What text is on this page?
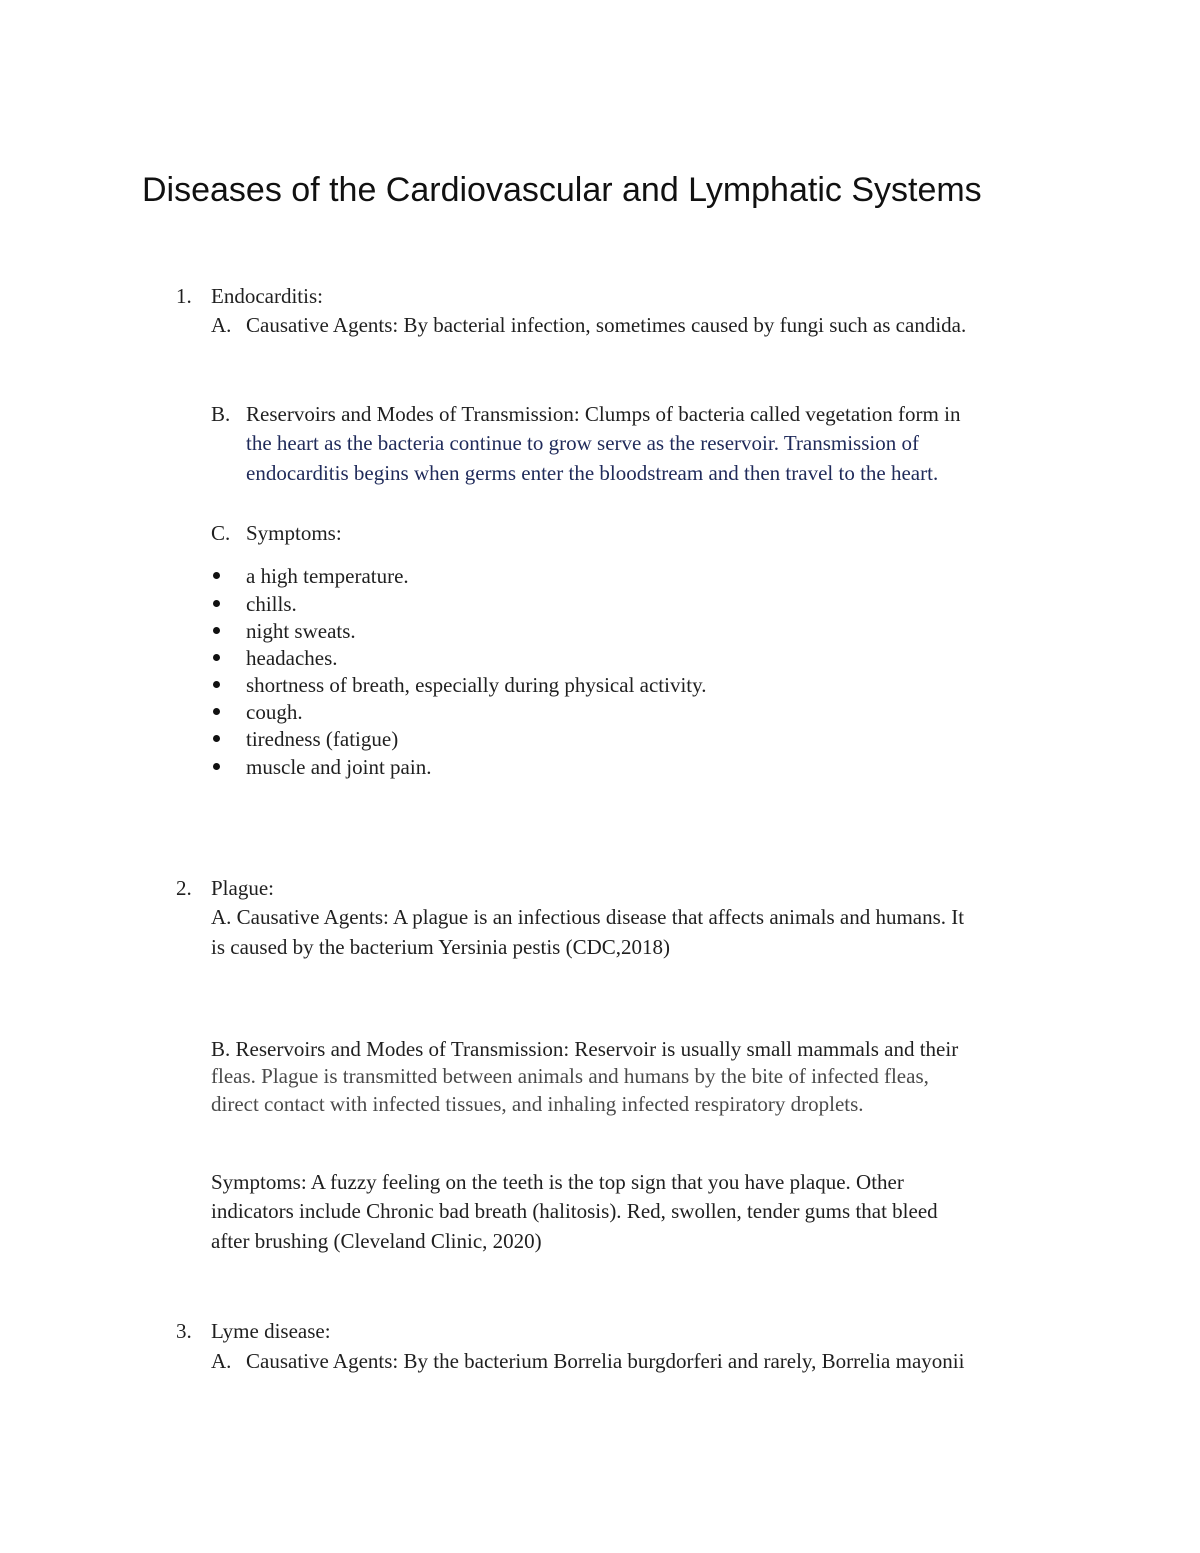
Diseases of the Cardiovascular and Lymphatic Systems
1. Endocarditis:
A. Causative Agents: By bacterial infection, sometimes caused by fungi such as candida.
B. Reservoirs and Modes of Transmission: Clumps of bacteria called vegetation form in
the heart as the bacteria continue to grow serve as the reservoir. Transmission of
endocarditis begins when germs enter the bloodstream and then travel to the heart.
C. Symptoms:
a high temperature.
chills.
night sweats.
headaches.
shortness of breath, especially during physical activity.
cough.
tiredness (fatigue)
muscle and joint pain.
2. Plague:
A. Causative Agents: A plague is an infectious disease that affects animals and humans. It
is caused by the bacterium Yersinia pestis (CDC,2018)
B. Reservoirs and Modes of Transmission: Reservoir is usually small mammals and their
fleas. Plague is transmitted between animals and humans by the bite of infected fleas,
direct contact with infected tissues, and inhaling infected respiratory droplets.
Symptoms: A fuzzy feeling on the teeth is the top sign that you have plaque. Other
indicators include Chronic bad breath (halitosis). Red, swollen, tender gums that bleed
after brushing (Cleveland Clinic, 2020)
3. Lyme disease:
A. Causative Agents: By the bacterium Borrelia burgdorferi and rarely, Borrelia mayonii
